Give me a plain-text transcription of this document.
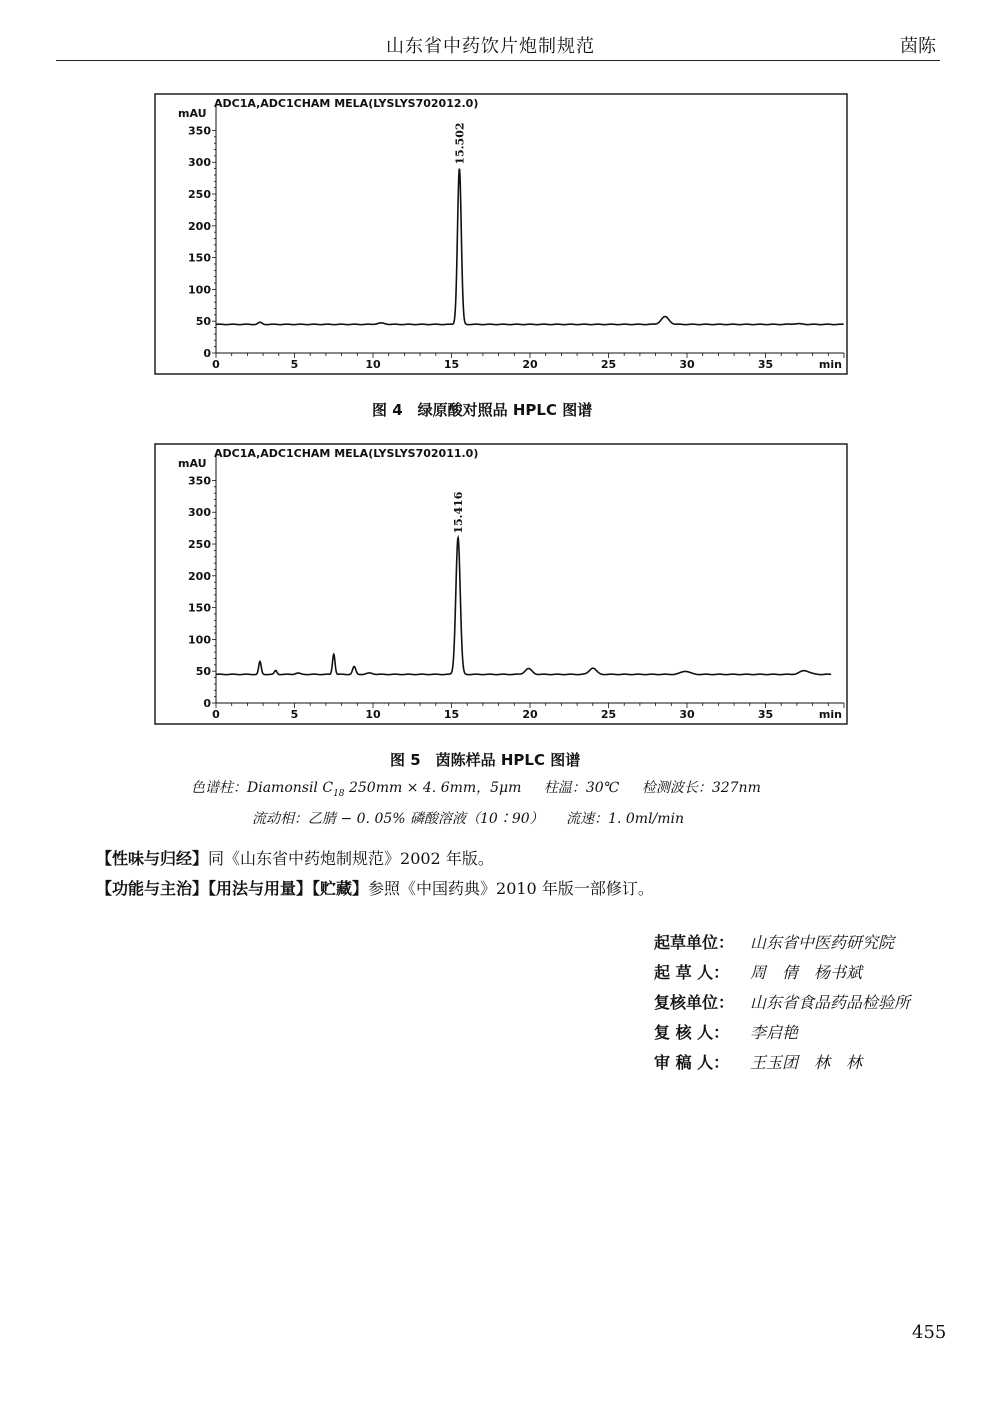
山东省中药饮片炮制规范	茵陈
0	5	10	15	20	25	30	35	min
0
50
100
150
200
250
300
350
mAU
ADC1A,ADC1CHAM MELA(LYSLYS702012.0)
15.502
图 4　绿原酸对照品 HPLC 图谱
0	5	10	15	20	25	30	35	min
0
50
100
150
200
250
300
350
mAU
ADC1A,ADC1CHAM MELA(LYSLYS702011.0)
15.416
图 5　茵陈样品 HPLC 图谱
色谱柱：Diamonsil $C_{18}$ 250mm × 4. 6mm，5μm 柱温：30℃ 检测波长：327nm
流动相：乙腈 − 0. 05% 磷酸溶液（10∶90） 流速：1. 0ml/min
【性味与归经】同《山东省中药炮制规范》2002 年版。
【功能与主治】【用法与用量】【贮藏】参照《中国药典》2010 年版一部修订。
起草单位： 山东省中医药研究院
起 草 人： 周　倩　杨书斌
复核单位： 山东省食品药品检验所
复 核 人： 李启艳
审 稿 人： 王玉团　林　林
455
